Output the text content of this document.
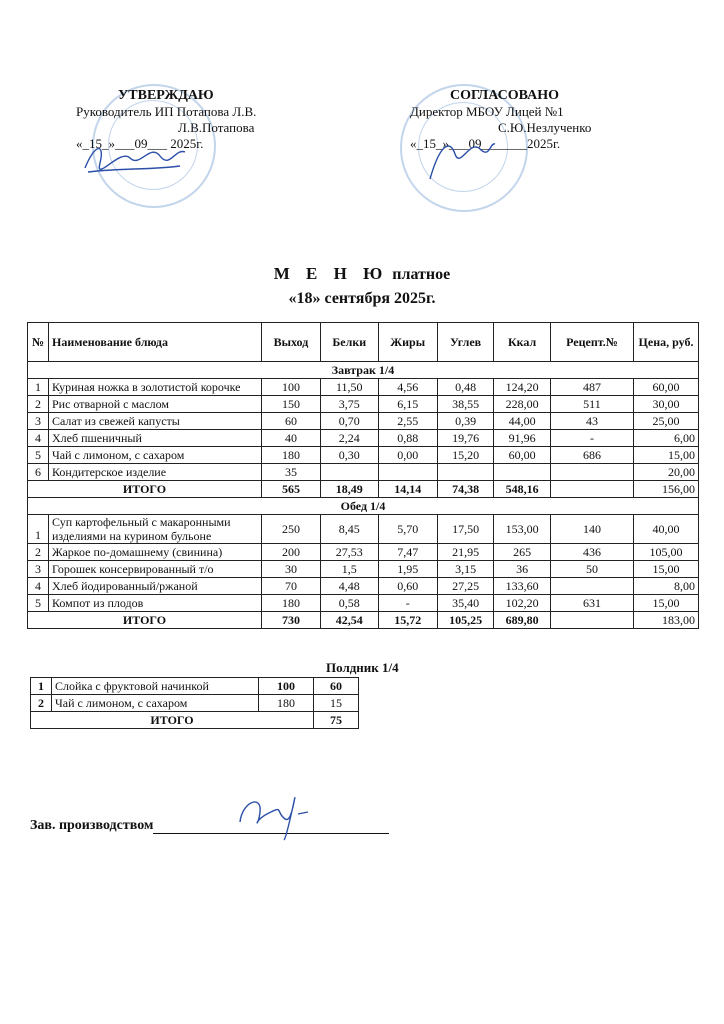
УТВЕРЖДАЮ
Руководитель ИП Потапова Л.В.
Л.В.Потапова
«_15_»___09___ 2025г.
СОГЛАСОВАНО
Директор МБОУ Лицей №1
С.Ю.Незлученко
«_15_»___09_______2025г.
М Е Н Ю платное
«18» сентября 2025г.
№	Наименование блюда	Выход	Белки	Жиры	Углев	Ккал	Рецепт.№	Цена, руб.
Завтрак 1/4								
1	Куриная ножка в золотистой корочке	100	11,50	4,56	0,48	124,20	487	60,00
2	Рис отварной с маслом	150	3,75	6,15	38,55	228,00	511	30,00
3	Салат из свежей капусты	60	0,70	2,55	0,39	44,00	43	25,00
4	Хлеб пшеничный	40	2,24	0,88	19,76	91,96	-	6,00
5	Чай с лимоном, с сахаром	180	0,30	0,00	15,20	60,00	686	15,00
6	Кондитерское изделие	35						20,00
ИТОГО		565	18,49	14,14	74,38	548,16		156,00
Обед 1/4								
1	Суп картофельный с макаронными изделиями на курином бульоне	250	8,45	5,70	17,50	153,00	140	40,00
2	Жаркое по-домашнему (свинина)	200	27,53	7,47	21,95	265	436	105,00
3	Горошек консервированный т/о	30	1,5	1,95	3,15	36	50	15,00
4	Хлеб йодированный/ржаной	70	4,48	0,60	27,25	133,60		8,00
5	Компот из плодов	180	0,58	-	35,40	102,20	631	15,00
ИТОГО		730	42,54	15,72	105,25	689,80		183,00
Полдник 1/4
1	Слойка с фруктовой начинкой	100	60
2	Чай с лимоном, с сахаром	180	15
ИТОГО			75
Зав. производством
